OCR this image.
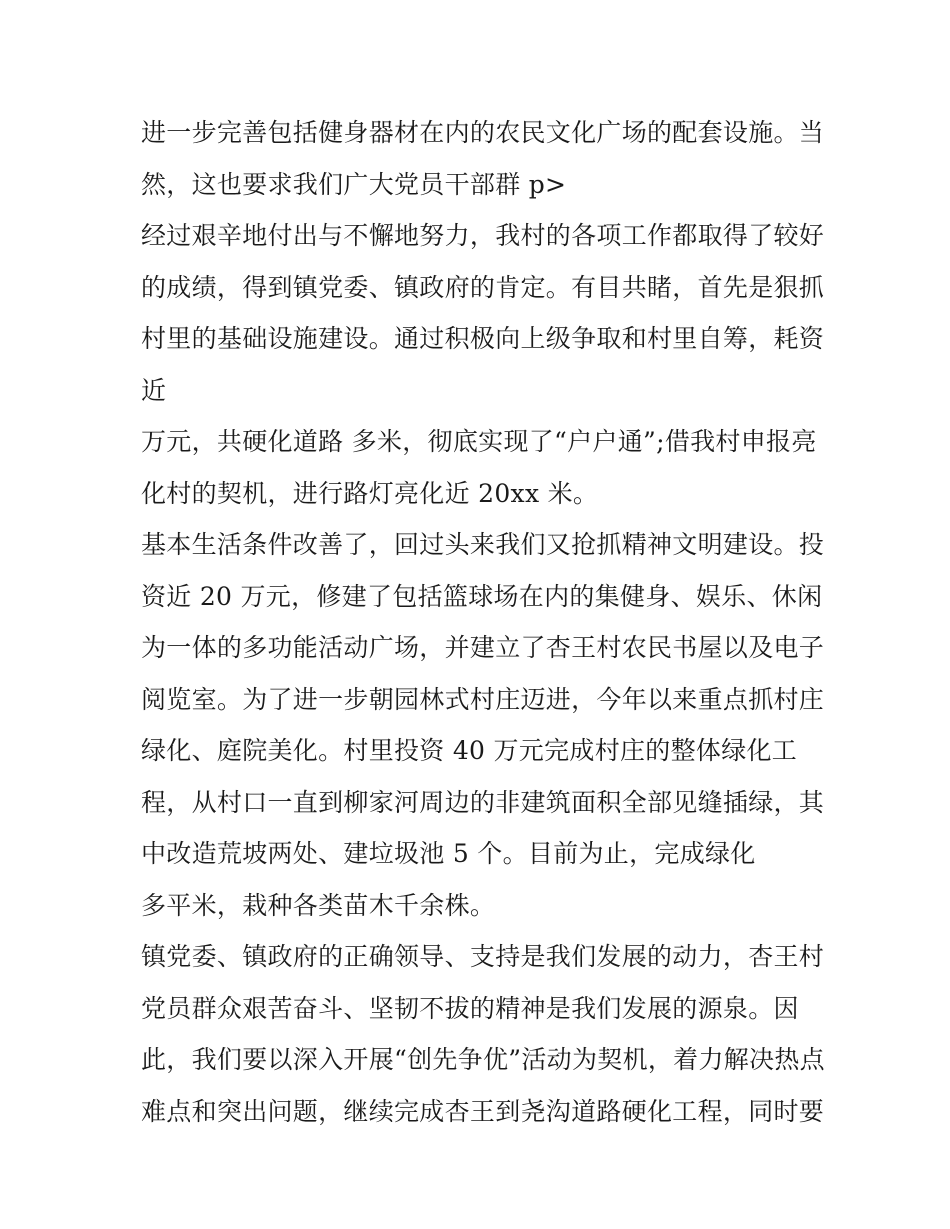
进一步完善包括健身器材在内的农民文化广场的配套设施。当
然，这也要求我们广大党员干部群 p>
经过艰辛地付出与不懈地努力，我村的各项工作都取得了较好
的成绩，得到镇党委、镇政府的肯定。有目共睹，首先是狠抓
村里的基础设施建设。通过积极向上级争取和村里自筹，耗资
近
万元，共硬化道路 多米，彻底实现了“户户通”;借我村申报亮
化村的契机，进行路灯亮化近 20xx 米。
基本生活条件改善了，回过头来我们又抢抓精神文明建设。投
资近 20 万元，修建了包括篮球场在内的集健身、娱乐、休闲
为一体的多功能活动广场，并建立了杏王村农民书屋以及电子
阅览室。为了进一步朝园林式村庄迈进，今年以来重点抓村庄
绿化、庭院美化。村里投资 40 万元完成村庄的整体绿化工
程，从村口一直到柳家河周边的非建筑面积全部见缝插绿，其
中改造荒坡两处、建垃圾池 5 个。目前为止，完成绿化
多平米，栽种各类苗木千余株。
镇党委、镇政府的正确领导、支持是我们发展的动力，杏王村
党员群众艰苦奋斗、坚韧不拔的精神是我们发展的源泉。因
此，我们要以深入开展“创先争优”活动为契机，着力解决热点
难点和突出问题，继续完成杏王到尧沟道路硬化工程，同时要
